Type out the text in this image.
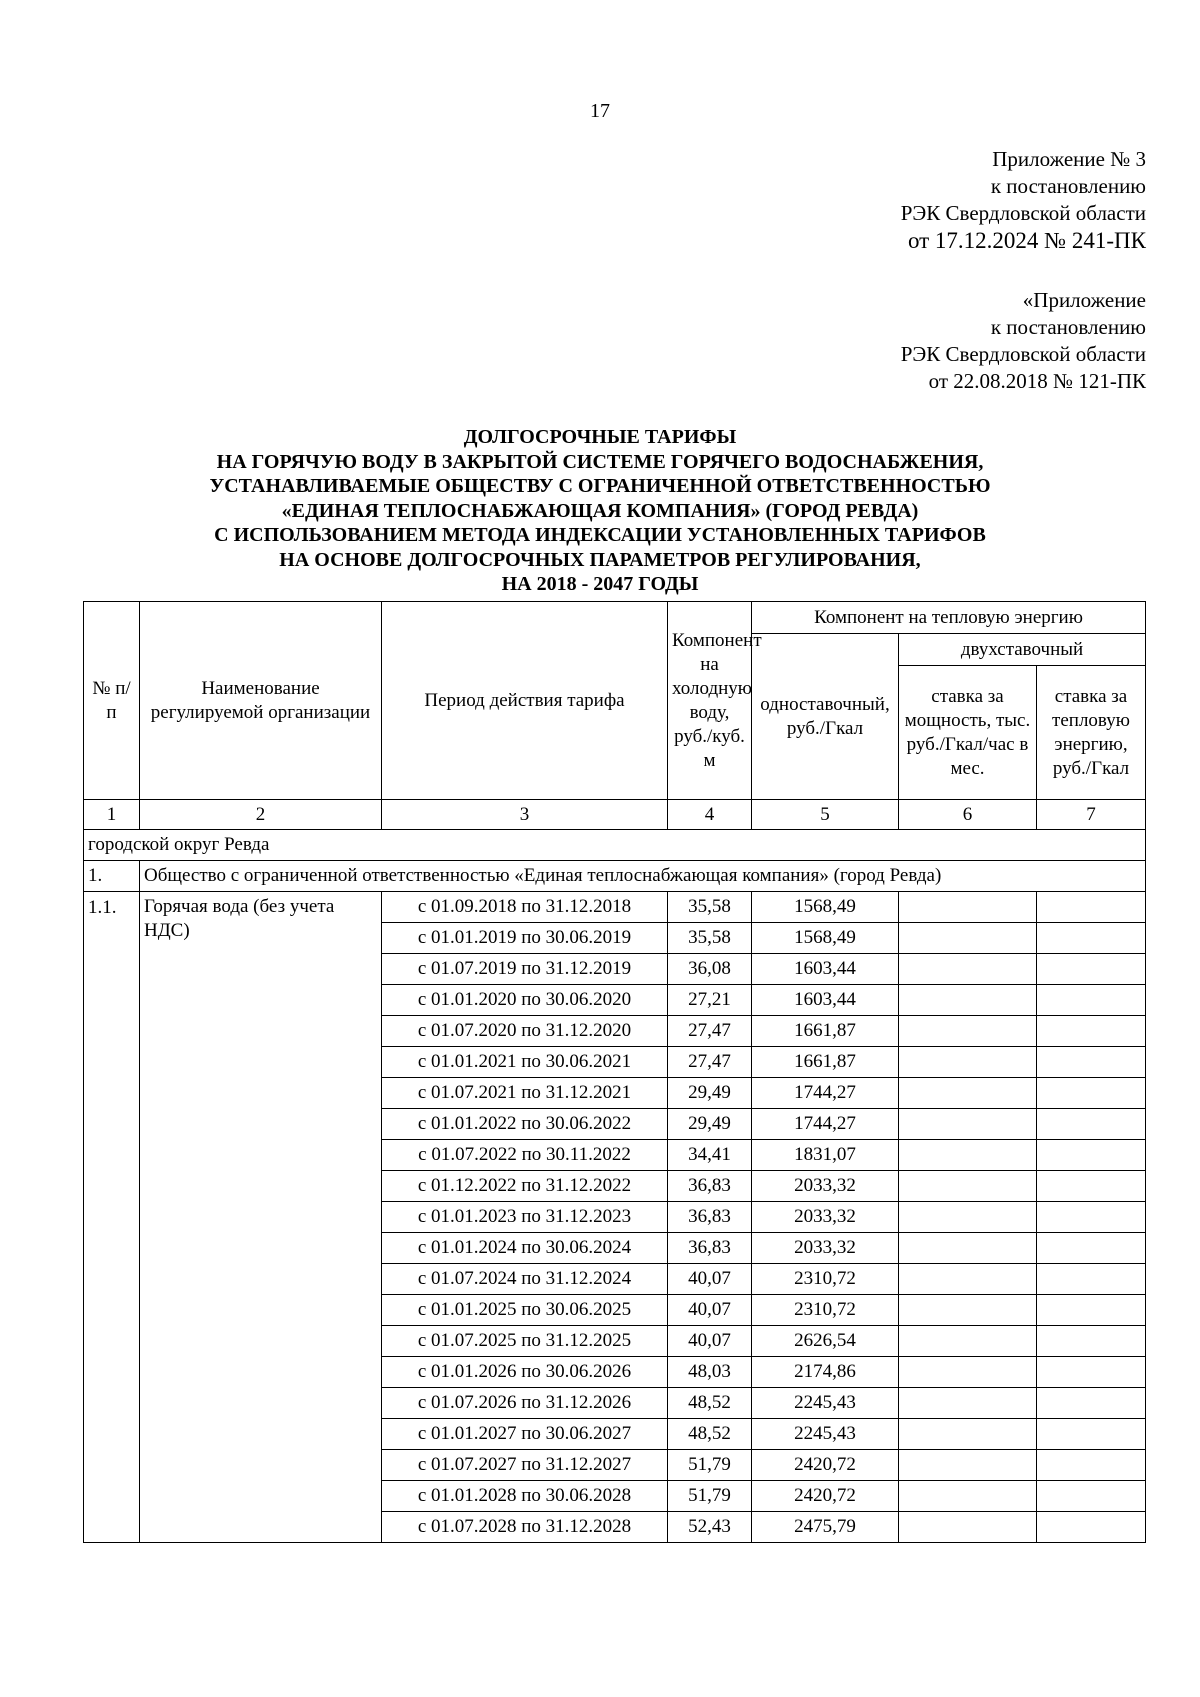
17
Приложение № 3
к постановлению
РЭК Свердловской области
от 17.12.2024 № 241-ПК
«Приложение
к постановлению
РЭК Свердловской области
от 22.08.2018 № 121-ПК
ДОЛГОСРОЧНЫЕ ТАРИФЫ
НА ГОРЯЧУЮ ВОДУ В ЗАКРЫТОЙ СИСТЕМЕ ГОРЯЧЕГО ВОДОСНАБЖЕНИЯ,
УСТАНАВЛИВАЕМЫЕ ОБЩЕСТВУ С ОГРАНИЧЕННОЙ ОТВЕТСТВЕННОСТЬЮ
«ЕДИНАЯ ТЕПЛОСНАБЖАЮЩАЯ КОМПАНИЯ» (ГОРОД РЕВДА)
С ИСПОЛЬЗОВАНИЕМ МЕТОДА ИНДЕКСАЦИИ УСТАНОВЛЕННЫХ ТАРИФОВ
НА ОСНОВЕ ДОЛГОСРОЧНЫХ ПАРАМЕТРОВ РЕГУЛИРОВАНИЯ,
НА 2018 - 2047 ГОДЫ
№ п/п	Наименование регулируемой организации	Период действия тарифа	Компонент на холодную воду, руб./куб. м	Компонент на тепловую энергию		
				одноставочный, руб./Гкал	двухставочный	
					ставка за мощность, тыс. руб./Гкал/час в мес.	ставка за тепловую энергию, руб./Гкал
1	2	3	4	5	6	7
городской округ Ревда						
1.	Общество с ограниченной ответственностью «Единая теплоснабжающая компания» (город Ревда)					
1.1.	Горячая вода (без учета НДС)	с 01.09.2018 по 31.12.2018	35,58	1568,49		
		с 01.01.2019 по 30.06.2019	35,58	1568,49		
		с 01.07.2019 по 31.12.2019	36,08	1603,44		
		с 01.01.2020 по 30.06.2020	27,21	1603,44		
		с 01.07.2020 по 31.12.2020	27,47	1661,87		
		с 01.01.2021 по 30.06.2021	27,47	1661,87		
		с 01.07.2021 по 31.12.2021	29,49	1744,27		
		с 01.01.2022 по 30.06.2022	29,49	1744,27		
		с 01.07.2022 по 30.11.2022	34,41	1831,07		
		с 01.12.2022 по 31.12.2022	36,83	2033,32		
		с 01.01.2023 по 31.12.2023	36,83	2033,32		
		с 01.01.2024 по 30.06.2024	36,83	2033,32		
		с 01.07.2024 по 31.12.2024	40,07	2310,72		
		с 01.01.2025 по 30.06.2025	40,07	2310,72		
		с 01.07.2025 по 31.12.2025	40,07	2626,54		
		с 01.01.2026 по 30.06.2026	48,03	2174,86		
		с 01.07.2026 по 31.12.2026	48,52	2245,43		
		с 01.01.2027 по 30.06.2027	48,52	2245,43		
		с 01.07.2027 по 31.12.2027	51,79	2420,72		
		с 01.01.2028 по 30.06.2028	51,79	2420,72		
		с 01.07.2028 по 31.12.2028	52,43	2475,79		
